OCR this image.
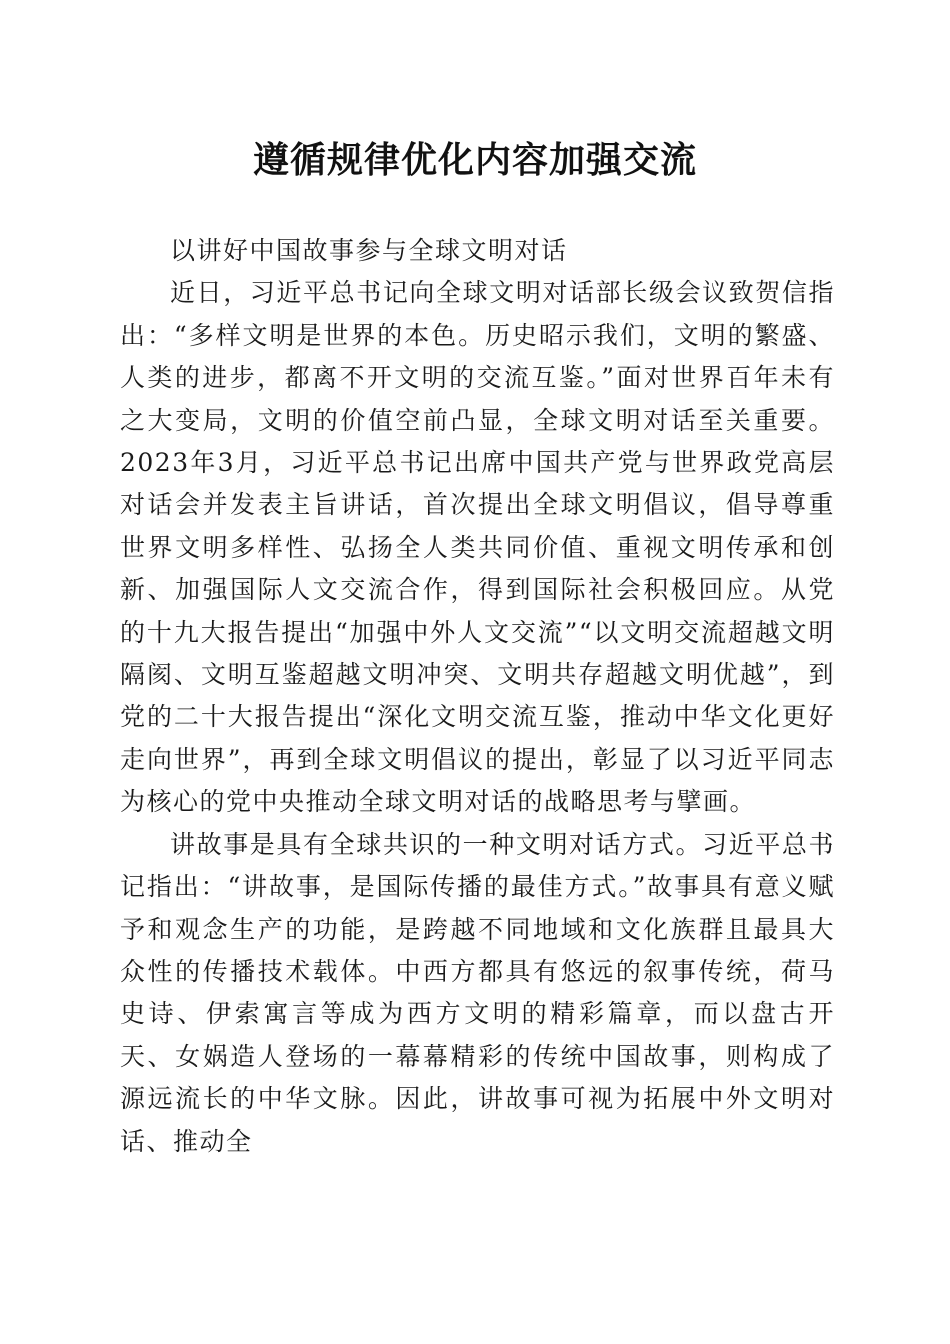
遵循规律优化内容加强交流

以讲好中国故事参与全球文明对话

近日，习近平总书记向全球文明对话部长级会议致贺信指出：“多样文明是世界的本色。历史昭示我们，文明的繁盛、人类的进步，都离不开文明的交流互鉴。”面对世界百年未有之大变局，文明的价值空前凸显，全球文明对话至关重要。2023年3月，习近平总书记出席中国共产党与世界政党高层对话会并发表主旨讲话，首次提出全球文明倡议，倡导尊重世界文明多样性、弘扬全人类共同价值、重视文明传承和创新、加强国际人文交流合作，得到国际社会积极回应。从党的十九大报告提出“加强中外人文交流”“以文明交流超越文明隔阂、文明互鉴超越文明冲突、文明共存超越文明优越”，到党的二十大报告提出“深化文明交流互鉴，推动中华文化更好走向世界”，再到全球文明倡议的提出，彰显了以习近平同志为核心的党中央推动全球文明对话的战略思考与擘画。

讲故事是具有全球共识的一种文明对话方式。习近平总书记指出：“讲故事，是国际传播的最佳方式。”故事具有意义赋予和观念生产的功能，是跨越不同地域和文化族群且最具大众性的传播技术载体。中西方都具有悠远的叙事传统，荷马史诗、伊索寓言等成为西方文明的精彩篇章，而以盘古开天、女娲造人登场的一幕幕精彩的传统中国故事，则构成了源远流长的中华文脉。因此，讲故事可视为拓展中外文明对话、推动全
